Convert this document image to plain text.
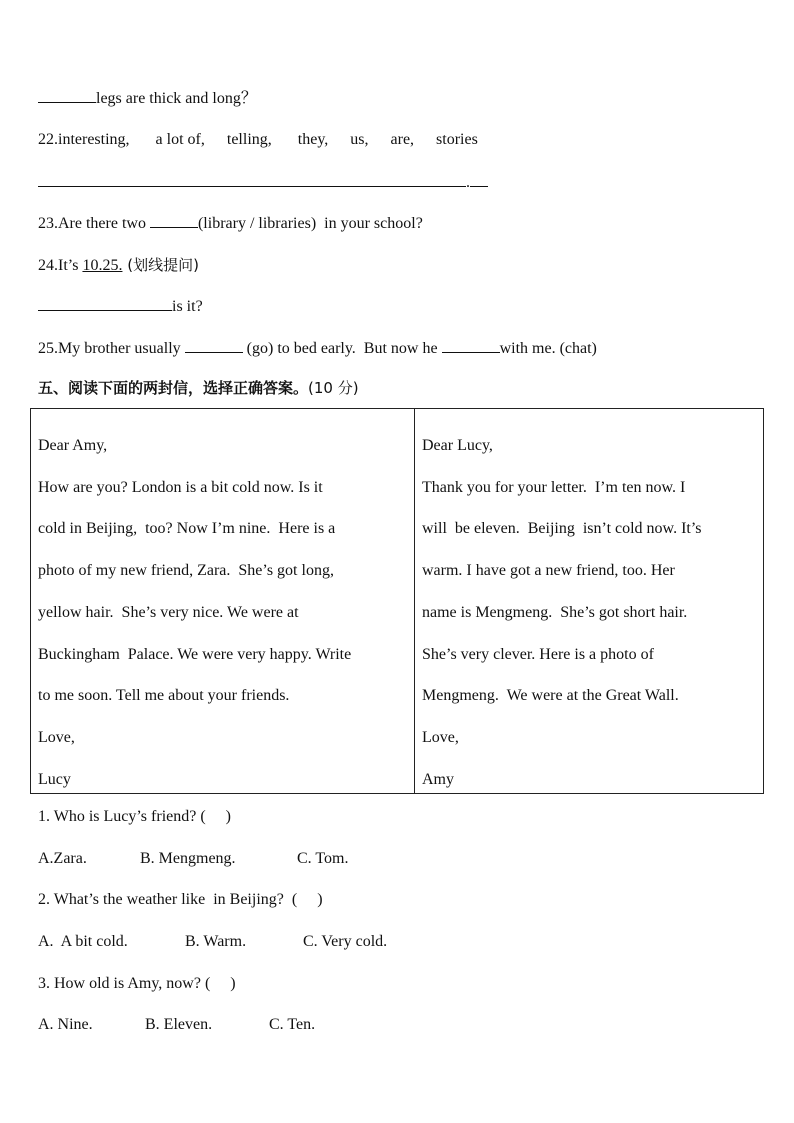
legs are thick and long？
22.interesting, a lot of, telling, they, us, are, stories
.
23.Are there two	(library / libraries)  in your school?
24.It’s 10.25. (划线提问)
is it?
25.My brother usually	(go) to bed early.  But now he	with me. (chat)
五、阅读下面的两封信，选择正确答案。(10 分)
Dear Amy,
How are you? London is a bit cold now. Is it
cold in Beijing,  too? Now I’m nine.  Here is a
photo of my new friend, Zara.  She’s got long,
yellow hair.  She’s very nice. We were at
Buckingham  Palace. We were very happy. Write
to me soon. Tell me about your friends.
Love,
Lucy
Dear Lucy,
Thank you for your letter.  I’m ten now. I
will  be eleven.  Beijing  isn’t cold now. It’s
warm. I have got a new friend, too. Her
name is Mengmeng.  She’s got short hair.
She’s very clever. Here is a photo of
Mengmeng.  We were at the Great Wall.
Love,
Amy
1. Who is Lucy’s friend? (     )
A.Zara.	B. Mengmeng.	C. Tom.
2. What’s the weather like  in Beijing?  (     )
A.  A bit cold.	B. Warm.	C. Very cold.
3. How old is Amy, now? (     )
A. Nine.	B. Eleven.	C. Ten.
